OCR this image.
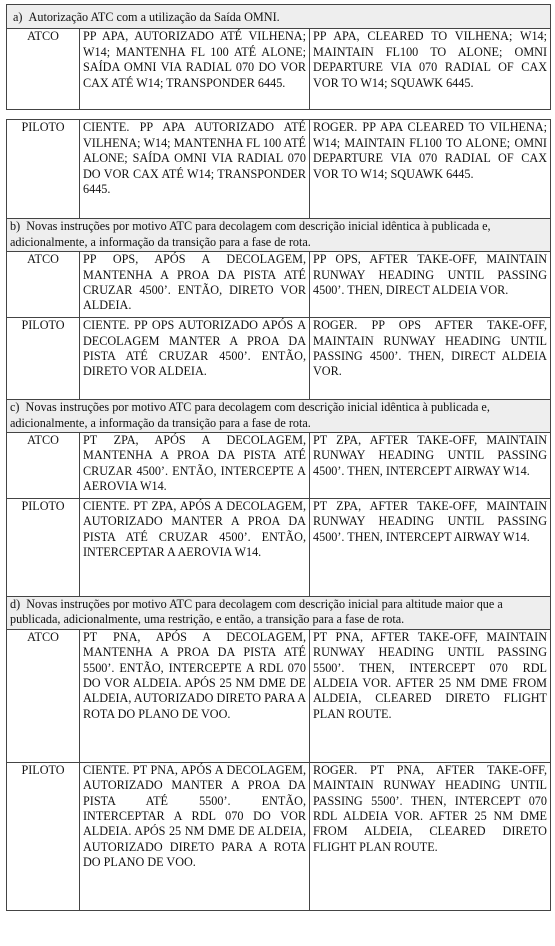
a)  Autorização ATC com a utilização da Saída OMNI.
ATCO	PP APA, AUTORIZADO ATÉ VILHENA; W14; MANTENHA FL 100 ATÉ ALONE; SAÍDA OMNI VIA RADIAL 070 DO VOR CAX ATÉ W14; TRANSPONDER 6445.	PP APA, CLEARED TO VILHENA; W14; MAINTAIN FL100 TO ALONE; OMNI DEPARTURE VIA 070 RADIAL OF CAX VOR TO W14; SQUAWK 6445.
PILOTO	CIENTE. PP APA AUTORIZADO ATÉ VILHENA; W14; MANTENHA FL 100 ATÉ ALONE; SAÍDA OMNI VIA RADIAL 070 DO VOR CAX ATÉ W14; TRANSPONDER 6445.	ROGER. PP APA CLEARED TO VILHENA; W14; MAINTAIN FL100 TO ALONE; OMNI DEPARTURE VIA 070 RADIAL OF CAX VOR TO W14; SQUAWK 6445.
b)  Novas instruções por motivo ATC para decolagem com descrição inicial idêntica à publicada e, adicionalmente, a informação da transição para a fase de rota.		
ATCO	PP OPS, APÓS A DECOLAGEM, MANTENHA A PROA DA PISTA ATÉ CRUZAR 4500’. ENTÃO, DIRETO VOR ALDEIA.	PP OPS, AFTER TAKE-OFF, MAINTAIN RUNWAY HEADING UNTIL PASSING 4500’. THEN, DIRECT ALDEIA VOR.
PILOTO	CIENTE. PP OPS AUTORIZADO APÓS A DECOLAGEM MANTER A PROA DA PISTA ATÉ CRUZAR 4500’. ENTÃO, DIRETO VOR ALDEIA.	ROGER. PP OPS AFTER TAKE-OFF, MAINTAIN RUNWAY HEADING UNTIL PASSING 4500’. THEN, DIRECT ALDEIA VOR.
c)  Novas instruções por motivo ATC para decolagem com descrição inicial idêntica à publicada e, adicionalmente, a informação da transição para a fase de rota.		
ATCO	PT ZPA, APÓS A DECOLAGEM, MANTENHA A PROA DA PISTA ATÉ CRUZAR 4500’. ENTÃO, INTERCEPTE A AEROVIA W14.	PT ZPA, AFTER TAKE-OFF, MAINTAIN RUNWAY HEADING UNTIL PASSING 4500’. THEN, INTERCEPT AIRWAY W14.
PILOTO	CIENTE. PT ZPA, APÓS A DECOLAGEM, AUTORIZADO MANTER A PROA DA PISTA ATÉ CRUZAR 4500’. ENTÃO, INTERCEPTAR A AEROVIA W14.	PT ZPA, AFTER TAKE-OFF, MAINTAIN RUNWAY HEADING UNTIL PASSING 4500’. THEN, INTERCEPT AIRWAY W14.
d)  Novas instruções por motivo ATC para decolagem com descrição inicial para altitude maior que a publicada, adicionalmente, uma restrição, e então, a transição para a fase de rota.		
ATCO	PT PNA, APÓS A DECOLAGEM, MANTENHA A PROA DA PISTA ATÉ 5500’. ENTÃO, INTERCEPTE A RDL 070 DO VOR ALDEIA. APÓS 25 NM DME DE ALDEIA, AUTORIZADO DIRETO PARA A ROTA DO PLANO DE VOO.	PT PNA, AFTER TAKE-OFF, MAINTAIN RUNWAY HEADING UNTIL PASSING 5500’. THEN, INTERCEPT 070 RDL ALDEIA VOR. AFTER 25 NM DME FROM ALDEIA, CLEARED DIRETO FLIGHT PLAN ROUTE.
PILOTO	CIENTE. PT PNA, APÓS A DECOLAGEM, AUTORIZADO MANTER A PROA DA PISTA ATÉ 5500’. ENTÃO, INTERCEPTAR A RDL 070 DO VOR ALDEIA. APÓS 25 NM DME DE ALDEIA, AUTORIZADO DIRETO PARA A ROTA DO PLANO DE VOO.	ROGER. PT PNA, AFTER TAKE-OFF, MAINTAIN RUNWAY HEADING UNTIL PASSING 5500’. THEN, INTERCEPT 070 RDL ALDEIA VOR. AFTER 25 NM DME FROM ALDEIA, CLEARED DIRETO FLIGHT PLAN ROUTE.
